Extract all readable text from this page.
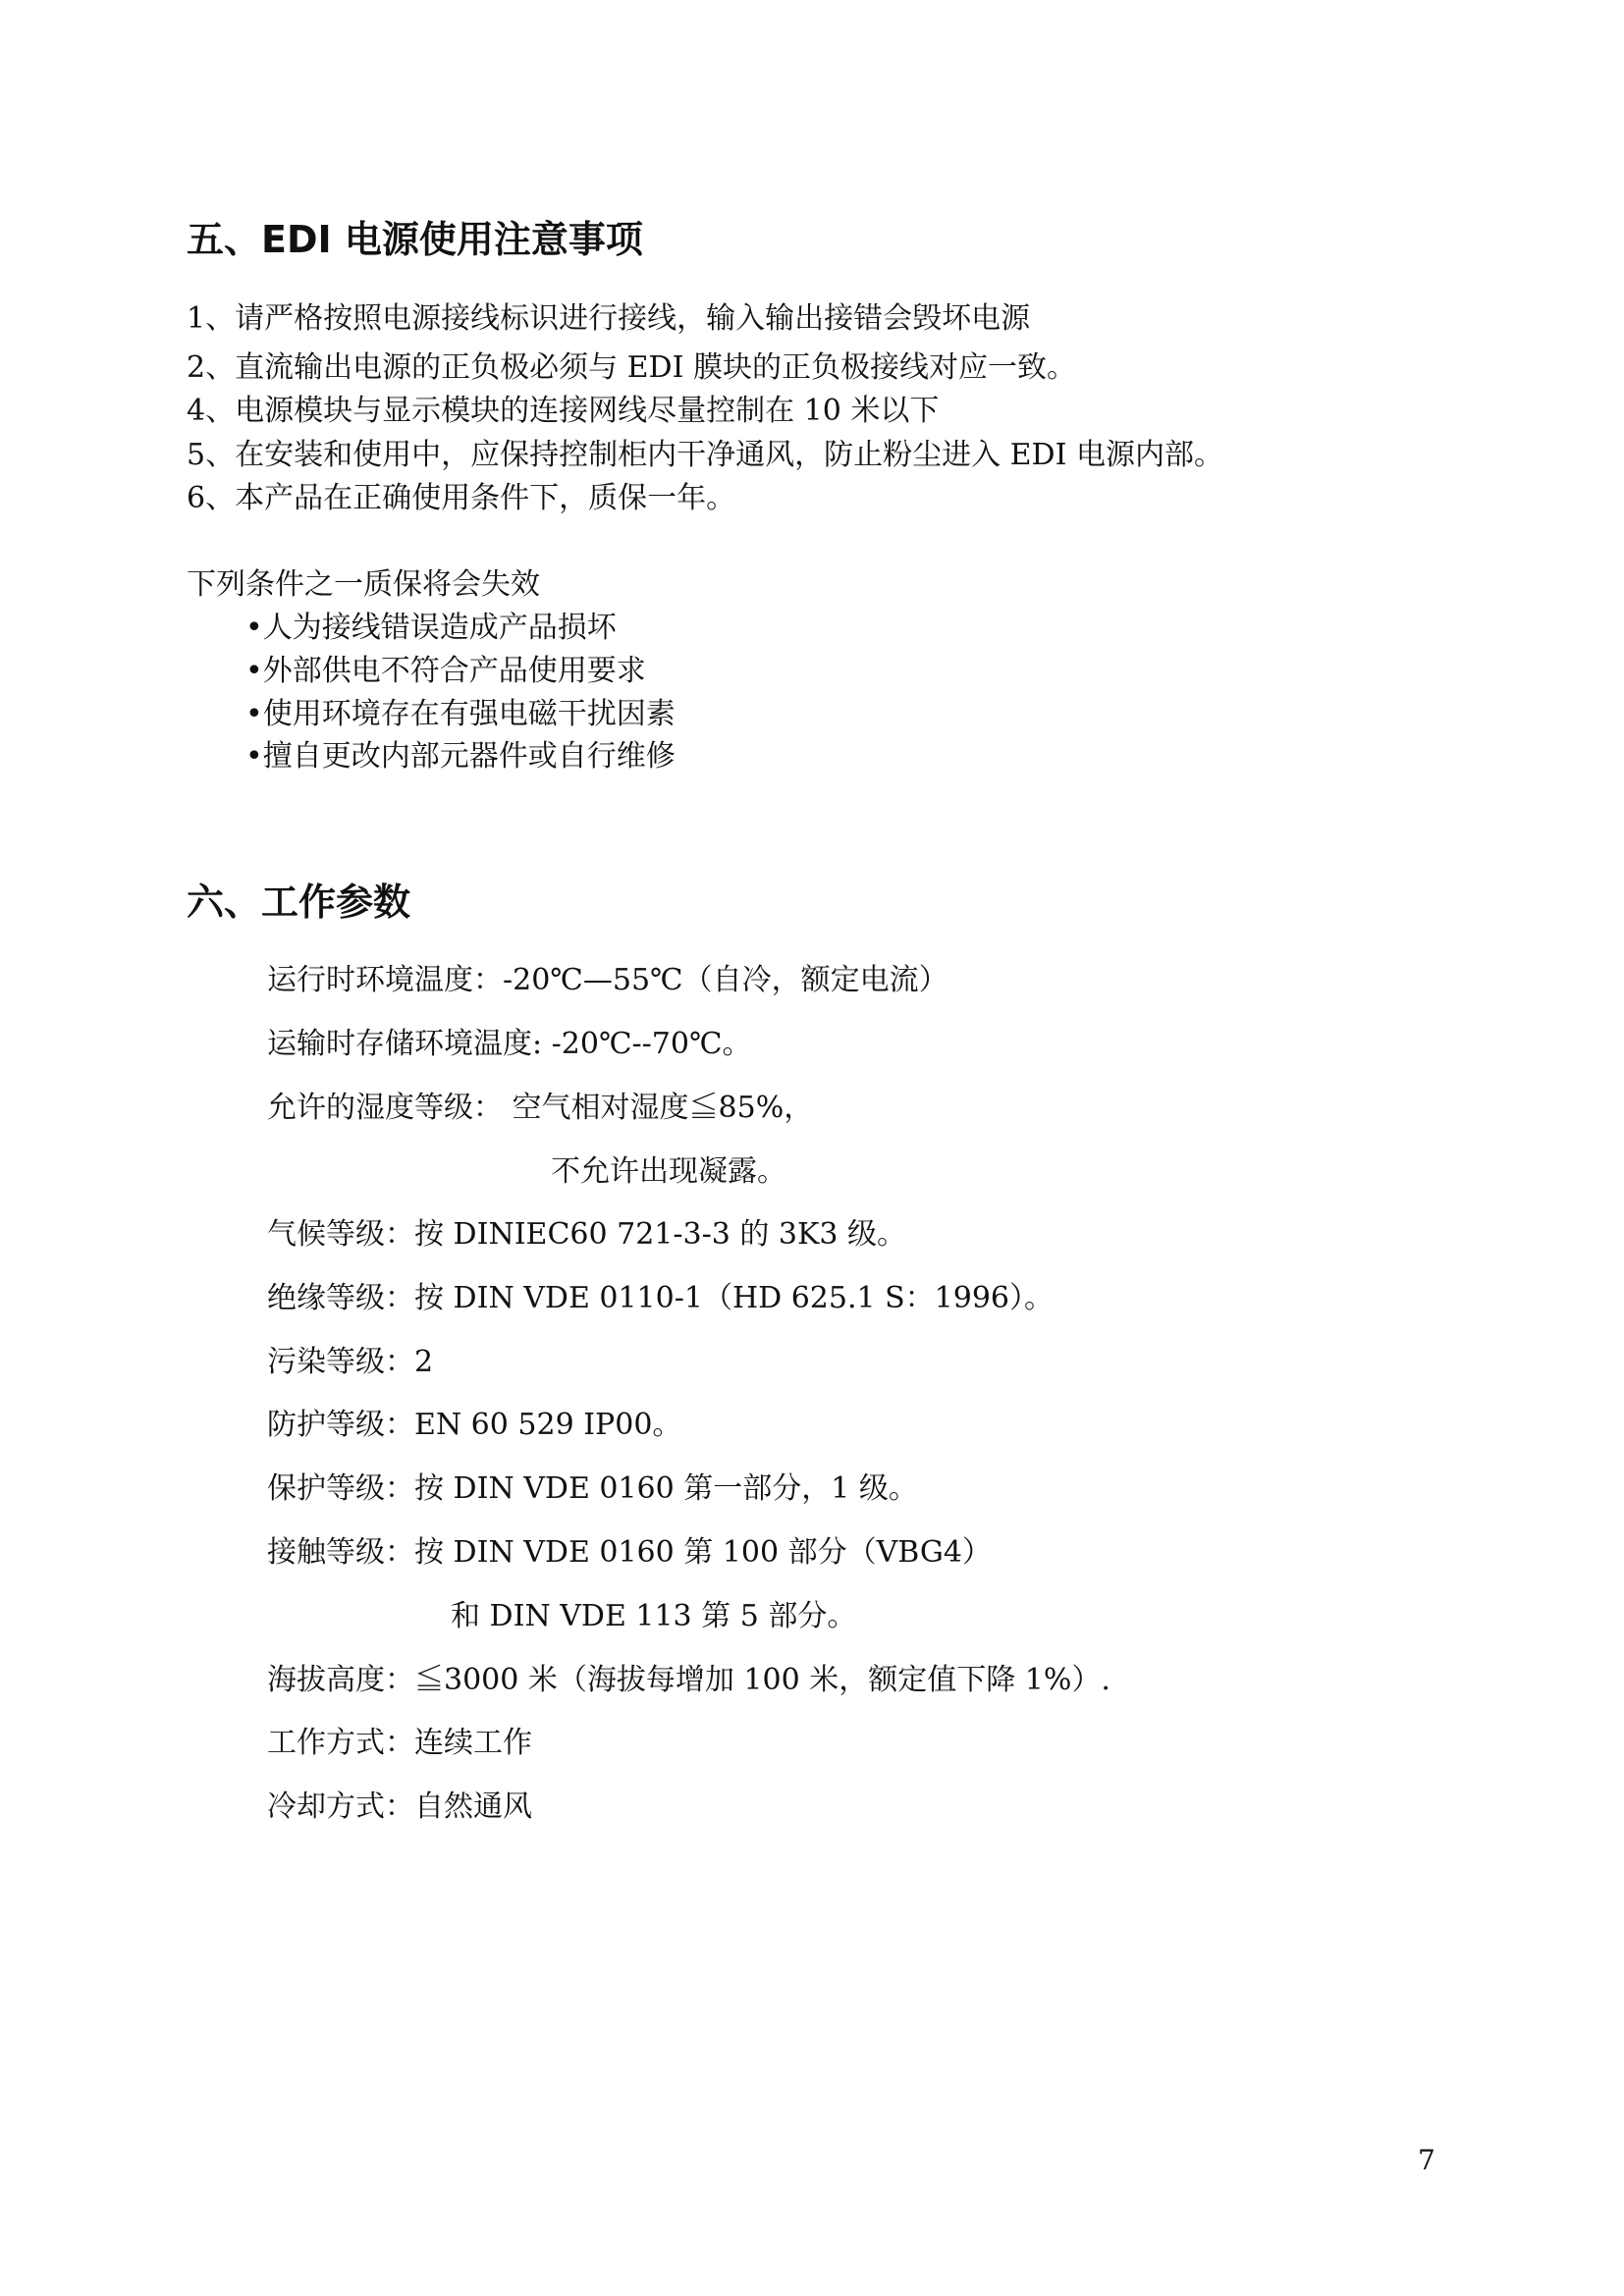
五、EDI 电源使用注意事项
1、请严格按照电源接线标识进行接线，输入输出接错会毁坏电源
2、直流输出电源的正负极必须与 EDI 膜块的正负极接线对应一致。
4、电源模块与显示模块的连接网线尽量控制在 10 米以下
5、在安装和使用中，应保持控制柜内干净通风，防止粉尘进入 EDI 电源内部。
6、本产品在正确使用条件下，质保一年。
下列条件之一质保将会失效
•人为接线错误造成产品损坏
•外部供电不符合产品使用要求
•使用环境存在有强电磁干扰因素
•擅自更改内部元器件或自行维修
六、工作参数
运行时环境温度：-20℃—55℃（自冷，额定电流）
运输时存储环境温度: -20℃--70℃。
允许的湿度等级： 空气相对湿度≦85%，
不允许出现凝露。
气候等级：按 DINIEC60 721-3-3 的 3K3 级。
绝缘等级：按 DIN VDE 0110-1（HD 625.1 S：1996）。
污染等级：2
防护等级：EN 60 529 IP00。
保护等级：按 DIN VDE 0160 第一部分，1 级。
接触等级：按 DIN VDE 0160 第 100 部分（VBG4）
和 DIN VDE 113 第 5 部分。
海拔高度：≦3000 米（海拔每增加 100 米，额定值下降 1%）.
工作方式：连续工作
冷却方式：自然通风
7
